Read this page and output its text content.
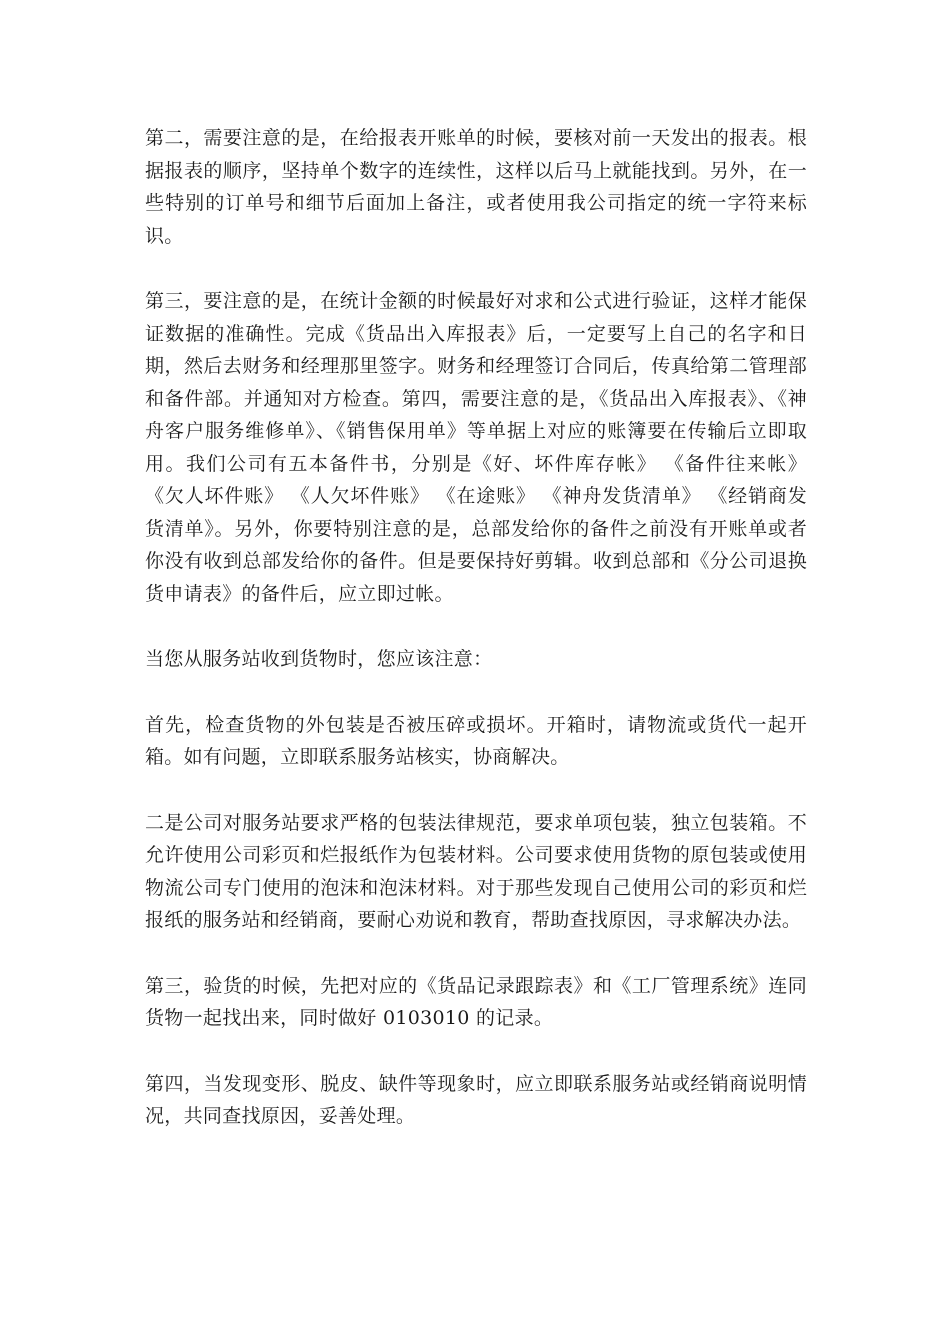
第二，需要注意的是，在给报表开账单的时候，要核对前一天发出的报表。根据报表的顺序，坚持单个数字的连续性，这样以后马上就能找到。另外，在一些特别的订单号和细节后面加上备注，或者使用我公司指定的统一字符来标识。

第三，要注意的是，在统计金额的时候最好对求和公式进行验证，这样才能保证数据的准确性。完成《货品出入库报表》后，一定要写上自己的名字和日期，然后去财务和经理那里签字。财务和经理签订合同后，传真给第二管理部和备件部。并通知对方检查。第四，需要注意的是，《货品出入库报表》、《神舟客户服务维修单》、《销售保用单》等单据上对应的账簿要在传输后立即取用。我们公司有五本备件书，分别是《好、坏件库存帐》 《备件往来帐》 《欠人坏件账》 《人欠坏件账》 《在途账》 《神舟发货清单》 《经销商发货清单》。另外，你要特别注意的是，总部发给你的备件之前没有开账单或者你没有收到总部发给你的备件。但是要保持好剪辑。收到总部和《分公司退换货申请表》的备件后，应立即过帐。

当您从服务站收到货物时，您应该注意：

首先，检查货物的外包装是否被压碎或损坏。开箱时，请物流或货代一起开箱。如有问题，立即联系服务站核实，协商解决。

二是公司对服务站要求严格的包装法律规范，要求单项包装，独立包装箱。不允许使用公司彩页和烂报纸作为包装材料。公司要求使用货物的原包装或使用物流公司专门使用的泡沫和泡沫材料。对于那些发现自己使用公司的彩页和烂报纸的服务站和经销商，要耐心劝说和教育，帮助查找原因，寻求解决办法。

第三，验货的时候，先把对应的《货品记录跟踪表》和《工厂管理系统》连同货物一起找出来，同时做好 0103010 的记录。

第四，当发现变形、脱皮、缺件等现象时，应立即联系服务站或经销商说明情况，共同查找原因，妥善处理。
